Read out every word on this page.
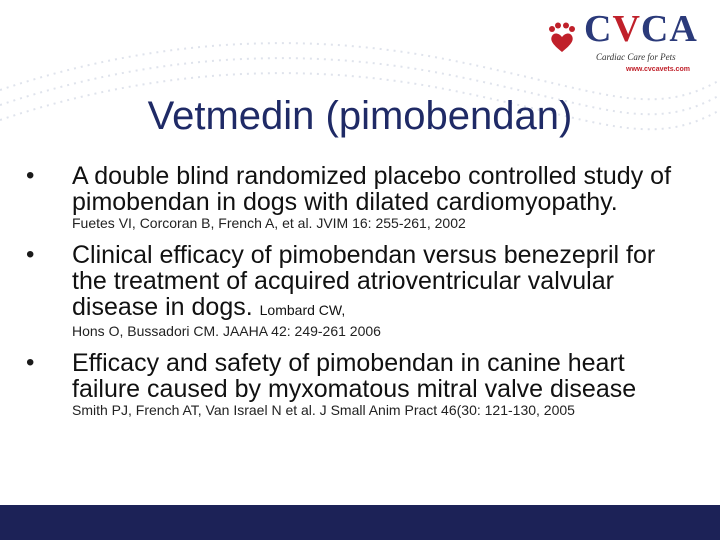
CVCA
Cardiac Care for Pets
www.cvcavets.com
Vetmedin (pimobendan)
• A double blind randomized placebo controlled study of pimobendan in dogs with dilated cardiomyopathy.
Fuetes VI, Corcoran B, French A, et al. JVIM 16: 255-261, 2002
• Clinical efficacy of pimobendan versus benezepril for the treatment of acquired atrioventricular valvular disease in dogs. Lombard CW,
Hons O, Bussadori CM. JAAHA 42: 249-261 2006
• Efficacy and safety of pimobendan in canine heart failure caused by myxomatous mitral valve disease
Smith PJ, French AT, Van Israel N et al. J Small Anim Pract 46(30: 121-130, 2005
